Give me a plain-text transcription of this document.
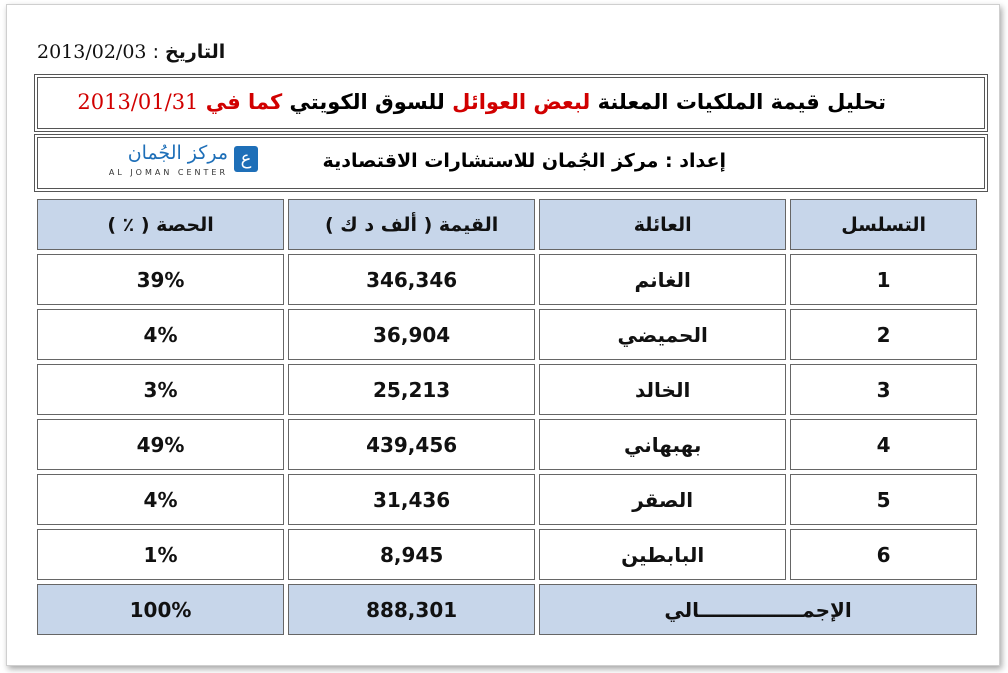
2013/02/03 : التاريخ
تحليل قيمة الملكيات المعلنة لبعض العوائل للسوق الكويتي كما في 2013/01/31
إعداد : مركز الجُمان للاستشارات الاقتصادية
ع
مركز الجُمان
AL JOMAN CENTER
التسلسل	العائلة	القيمة ( ألف د ك )	الحصة ( ٪ )
1	الغانم	346,346	39%
2	الحميضي	36,904	4%
3	الخالد	25,213	3%
4	بهبهاني	439,456	49%
5	الصقر	31,436	4%
6	البابطين	8,945	1%
الإجمـــــــــــــــالي		888,301	100%
